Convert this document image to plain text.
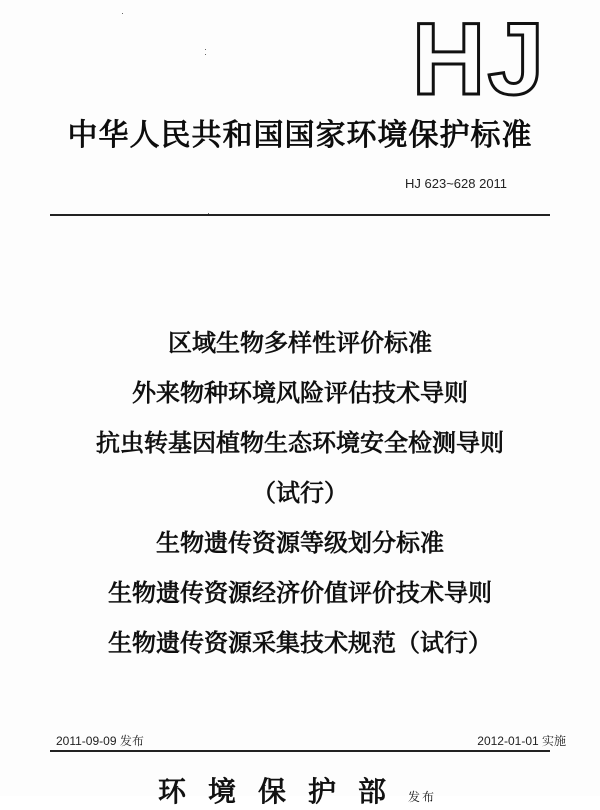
HJ
中华人民共和国国家环境保护标准
HJ 623~628 2011
区域生物多样性评价标准
外来物种环境风险评估技术导则
抗虫转基因植物生态环境安全检测导则
（试行）
生物遗传资源等级划分标准
生物遗传资源经济价值评价技术导则
生物遗传资源采集技术规范（试行）
2011-09-09 发布	2012-01-01 实施
环境保护部发布
